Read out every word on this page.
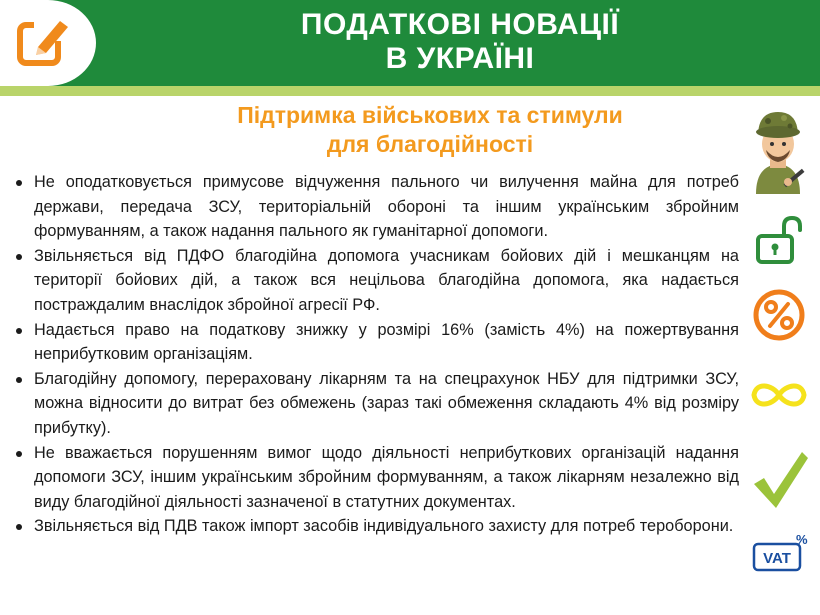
ПОДАТКОВІ НОВАЦІЇ
В УКРАЇНІ
Підтримка військових та стимули
для благодійності
Не оподатковується примусове відчуження пального чи вилучення майна для потреб держави, передача ЗСУ, територіальній обороні та іншим українським збройним формуванням, а також надання пального як гуманітарної допомоги.
Звільняється від ПДФО благодійна допомога учасникам бойових дій і мешканцям на території бойових дій, а також вся нецільова благодійна допомога, яка надається постраждалим внаслідок збройної агресії РФ.
Надається право на податкову знижку у розмірі 16% (замість 4%) на пожертвування неприбутковим організаціям.
Благодійну допомогу, перераховану лікарням та на спецрахунок НБУ для підтримки ЗСУ, можна відносити до витрат без обмежень (зараз такі обмеження складають 4% від розміру прибутку).
Не вважається порушенням вимог щодо діяльності неприбуткових організацій надання допомоги ЗСУ, іншим українським збройним формуванням, а також лікарням незалежно від виду благодійної діяльності зазначеної в статутних документах.
Звільняється від ПДВ також імпорт засобів індивідуального захисту для потреб тероборони.
VAT
%
